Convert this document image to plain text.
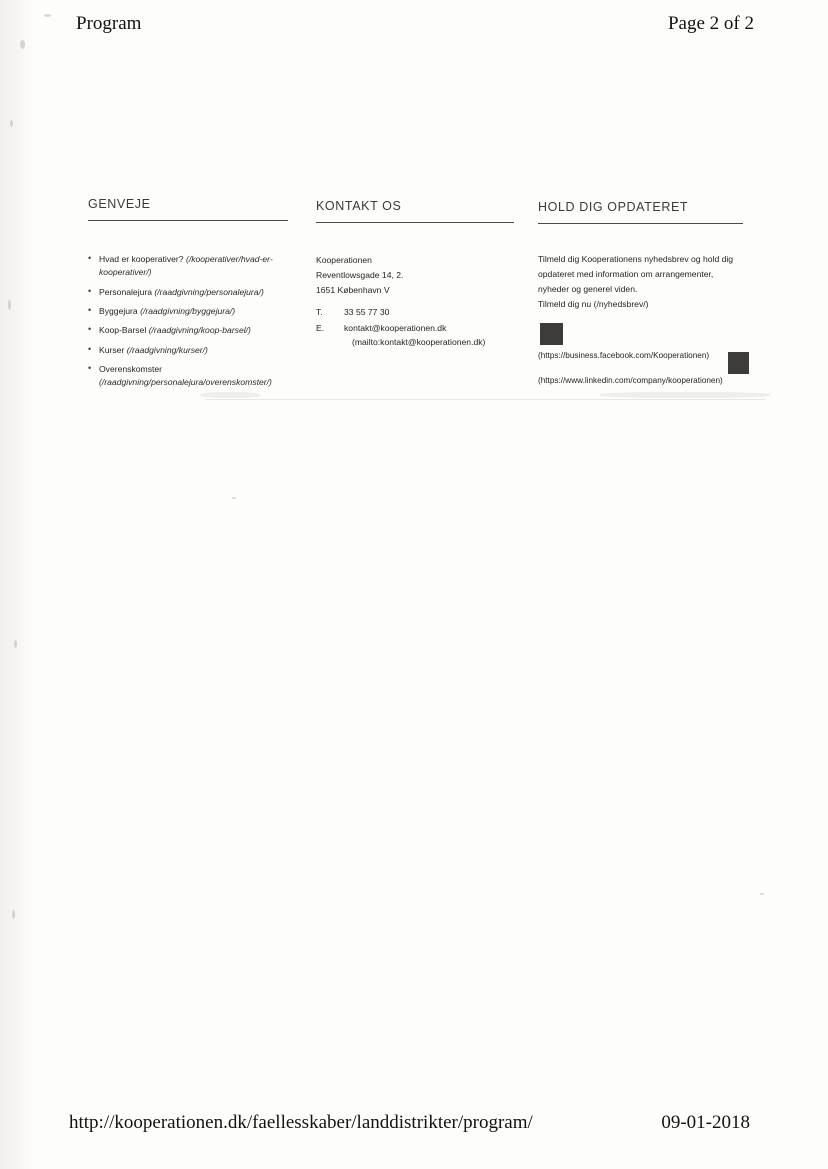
Program	Page 2 of 2
GENVEJE
• Hvad er kooperativer? (/kooperativer/hvad-er-kooperativer/)
• Personalejura (/raadgivning/personalejura/)
• Byggejura (/raadgivning/byggejura/)
• Koop-Barsel (/raadgivning/koop-barsel/)
• Kurser (/raadgivning/kurser/)
• Overenskomster
(/raadgivning/personalejura/overenskomster/)
KONTAKT OS
Kooperationen
Reventlowsgade 14, 2.
1651 København V
T. 33 55 77 30
E. kontakt@kooperationen.dk
(mailto:kontakt@kooperationen.dk)
HOLD DIG OPDATERET
Tilmeld dig Kooperationens nyhedsbrev og hold dig opdateret med information om arrangementer, nyheder og generel viden.
Tilmeld dig nu (/nyhedsbrev/)
(https://business.facebook.com/Kooperationen)
(https://www.linkedin.com/company/kooperationen)
http://kooperationen.dk/faellesskaber/landdistrikter/program/	09-01-2018
